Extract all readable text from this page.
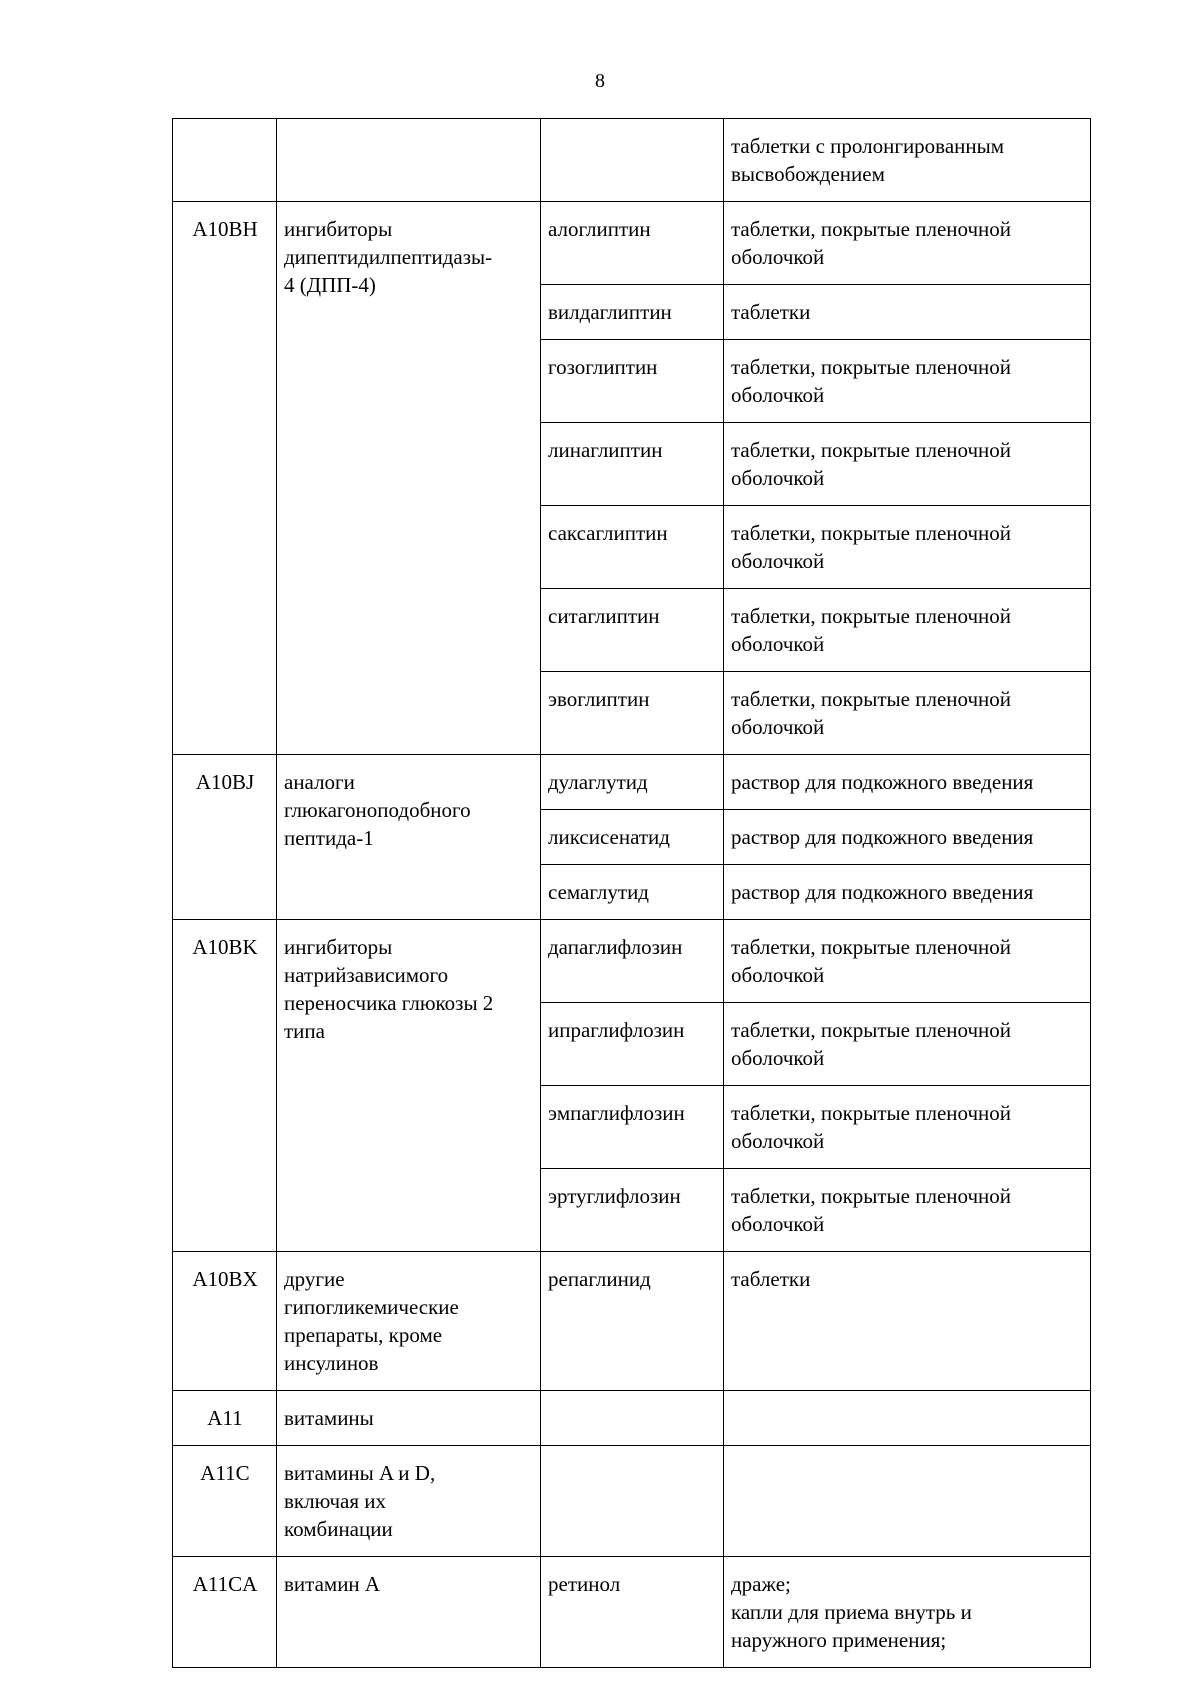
8
			таблетки с пролонгированным
высвобождением
A10BH	ингибиторы
дипептидилпептидазы-
4 (ДПП-4)	алоглиптин	таблетки, покрытые пленочной
оболочкой
		вилдаглиптин	таблетки
		гозоглиптин	таблетки, покрытые пленочной
оболочкой
		линаглиптин	таблетки, покрытые пленочной
оболочкой
		саксаглиптин	таблетки, покрытые пленочной
оболочкой
		ситаглиптин	таблетки, покрытые пленочной
оболочкой
		эвоглиптин	таблетки, покрытые пленочной
оболочкой
A10BJ	аналоги
глюкагоноподобного
пептида-1	дулаглутид	раствор для подкожного введения
		ликсисенатид	раствор для подкожного введения
		семаглутид	раствор для подкожного введения
A10BK	ингибиторы
натрийзависимого
переносчика глюкозы 2
типа	дапаглифлозин	таблетки, покрытые пленочной
оболочкой
		ипраглифлозин	таблетки, покрытые пленочной
оболочкой
		эмпаглифлозин	таблетки, покрытые пленочной
оболочкой
		эртуглифлозин	таблетки, покрытые пленочной
оболочкой
A10BX	другие
гипогликемические
препараты, кроме
инсулинов	репаглинид	таблетки
A11	витамины		
A11C	витамины A и D,
включая их
комбинации		
A11CA	витамин A	ретинол	драже;
капли для приема внутрь и
наружного применения;
